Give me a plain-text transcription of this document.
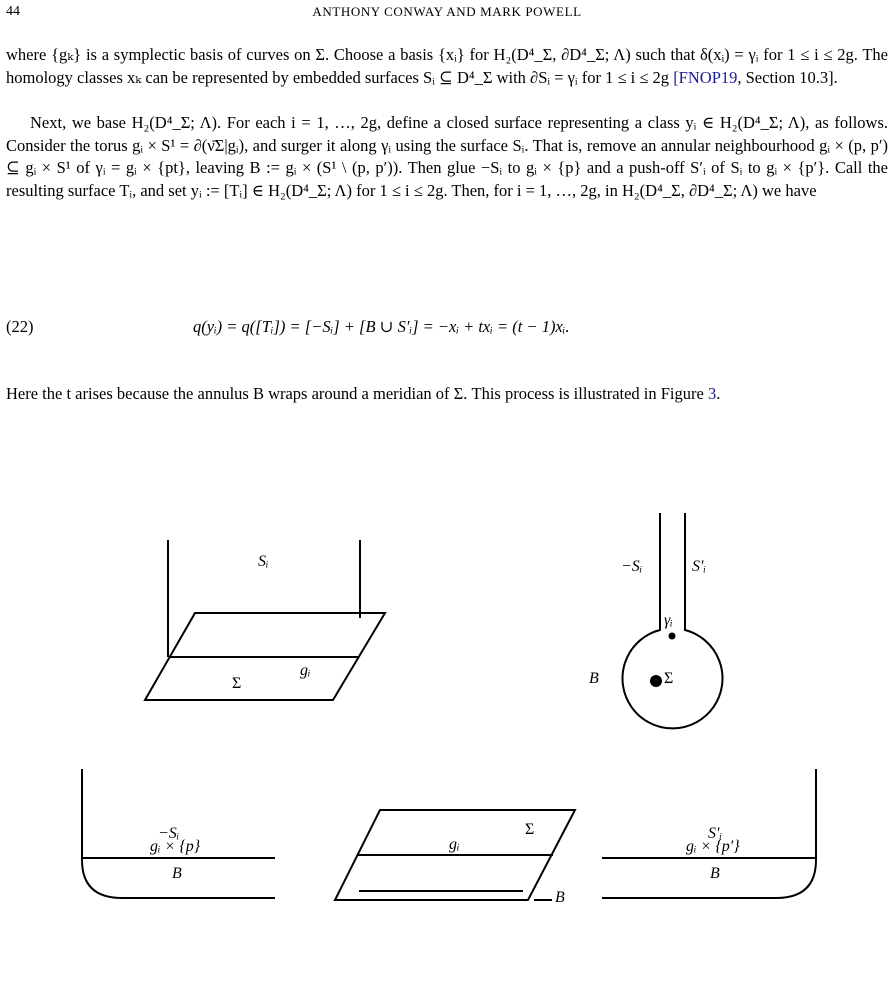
44	ANTHONY CONWAY AND MARK POWELL

where {gₖ} is a symplectic basis of curves on Σ. Choose a basis {xᵢ} for H₂(D⁴_Σ, ∂D⁴_Σ; Λ) such that δ(xᵢ) = γᵢ for 1 ≤ i ≤ 2g. The homology classes xₖ can be represented by embedded surfaces Sᵢ ⊆ D⁴_Σ with ∂Sᵢ = γᵢ for 1 ≤ i ≤ 2g [FNOP19, Section 10.3].

Next, we base H₂(D⁴_Σ; Λ). For each i = 1, …, 2g, define a closed surface representing a class yᵢ ∈ H₂(D⁴_Σ; Λ), as follows. Consider the torus gᵢ × S¹ = ∂(ν̄Σ|gᵢ), and surger it along γᵢ using the surface Sᵢ. That is, remove an annular neighbourhood gᵢ × (p, p′) ⊆ gᵢ × S¹ of γᵢ = gᵢ × {pt}, leaving B := gᵢ × (S¹ \ (p, p′)). Then glue −Sᵢ to gᵢ × {p} and a push-off S′ᵢ of Sᵢ to gᵢ × {p′}. Call the resulting surface Tᵢ, and set yᵢ := [Tᵢ] ∈ H₂(D⁴_Σ; Λ) for 1 ≤ i ≤ 2g. Then, for i = 1, …, 2g, in H₂(D⁴_Σ, ∂D⁴_Σ; Λ) we have

(22)	q(yᵢ) = q([Tᵢ]) = [−Sᵢ] + [B ∪ S′ᵢ] = −xᵢ + txᵢ = (t − 1)xᵢ.

Here the t arises because the annulus B wraps around a meridian of Σ. This process is illustrated in Figure 3.

Sᵢ
gᵢ
Σ
−Sᵢ	S′ᵢ
γᵢ
B	Σ
−Sᵢ
gᵢ × {p}
B
gᵢ
Σ
B
S′ᵢ
gᵢ × {p′}
B
